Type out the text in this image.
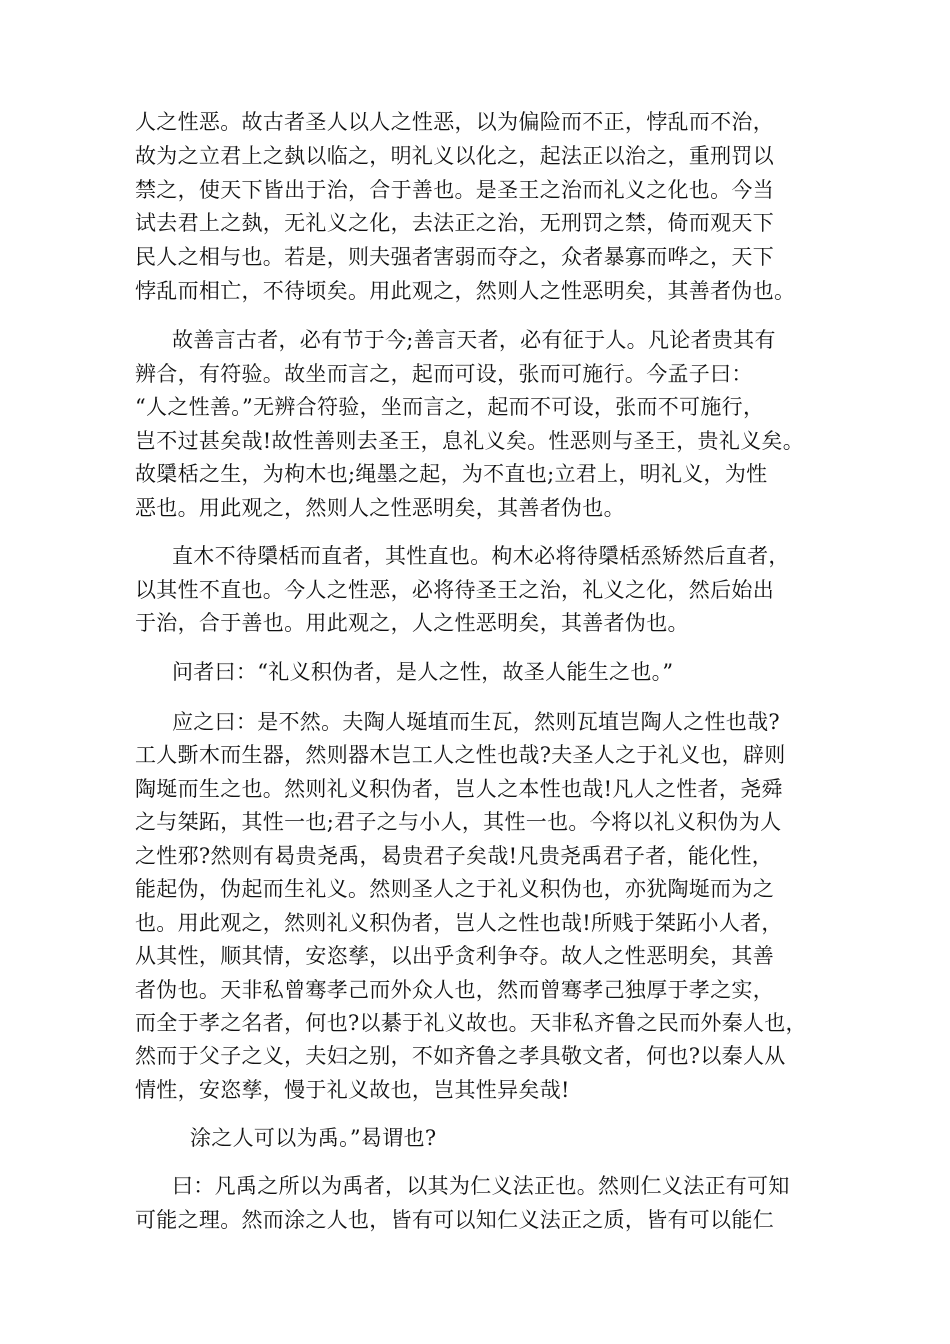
人之性恶。故古者圣人以人之性恶，以为偏险而不正，悖乱而不治，
故为之立君上之埶以临之，明礼义以化之，起法正以治之，重刑罚以
禁之，使天下皆出于治，合于善也。是圣王之治而礼义之化也。今当
试去君上之埶，无礼义之化，去法正之治，无刑罚之禁，倚而观天下
民人之相与也。若是，则夫强者害弱而夺之，众者暴寡而哗之，天下
悖乱而相亡，不待顷矣。用此观之，然则人之性恶明矣，其善者伪也。
故善言古者，必有节于今;善言天者，必有征于人。凡论者贵其有
辨合，有符验。故坐而言之，起而可设，张而可施行。今孟子曰：
“人之性善。”无辨合符验，坐而言之，起而不可设，张而不可施行，
岂不过甚矣哉!故性善则去圣王，息礼义矣。性恶则与圣王，贵礼义矣。
故檃栝之生，为枸木也;绳墨之起，为不直也;立君上，明礼义，为性
恶也。用此观之，然则人之性恶明矣，其善者伪也。
直木不待檃栝而直者，其性直也。枸木必将待檃栝烝矫然后直者，
以其性不直也。今人之性恶，必将待圣王之治，礼义之化，然后始出
于治，合于善也。用此观之，人之性恶明矣，其善者伪也。
问者曰：“礼义积伪者，是人之性，故圣人能生之也。”
应之曰：是不然。夫陶人埏埴而生瓦，然则瓦埴岂陶人之性也哉?
工人斲木而生器，然则器木岂工人之性也哉?夫圣人之于礼义也，辟则
陶埏而生之也。然则礼义积伪者，岂人之本性也哉!凡人之性者，尧舜
之与桀跖，其性一也;君子之与小人，其性一也。今将以礼义积伪为人
之性邪?然则有曷贵尧禹，曷贵君子矣哉!凡贵尧禹君子者，能化性，
能起伪，伪起而生礼义。然则圣人之于礼义积伪也，亦犹陶埏而为之
也。用此观之，然则礼义积伪者，岂人之性也哉!所贱于桀跖小人者，
从其性，顺其情，安恣孳，以出乎贪利争夺。故人之性恶明矣，其善
者伪也。天非私曾骞孝己而外众人也，然而曾骞孝己独厚于孝之实，
而全于孝之名者，何也?以綦于礼义故也。天非私齐鲁之民而外秦人也，
然而于父子之义，夫妇之别，不如齐鲁之孝具敬文者，何也?以秦人从
情性，安恣孳，慢于礼义故也，岂其性异矣哉!
涂之人可以为禹。”曷谓也?
曰：凡禹之所以为禹者，以其为仁义法正也。然则仁义法正有可知
可能之理。然而涂之人也，皆有可以知仁义法正之质，皆有可以能仁
